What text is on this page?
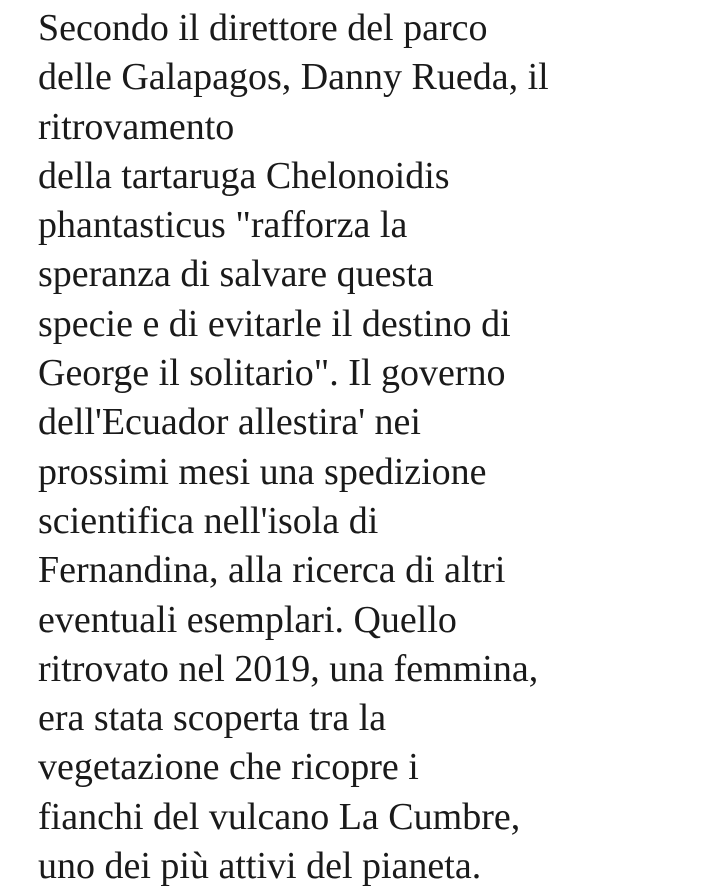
Secondo il direttore del parco
delle Galapagos, Danny Rueda, il
ritrovamento
della tartaruga Chelonoidis
phantasticus "rafforza la
speranza di salvare questa
specie e di evitarle il destino di
George il solitario". Il governo
dell'Ecuador allestira' nei
prossimi mesi una spedizione
scientifica nell'isola di
Fernandina, alla ricerca di altri
eventuali esemplari. Quello
ritrovato nel 2019, una femmina,
era stata scoperta tra la
vegetazione che ricopre i
fianchi del vulcano La Cumbre,
uno dei più attivi del pianeta.
